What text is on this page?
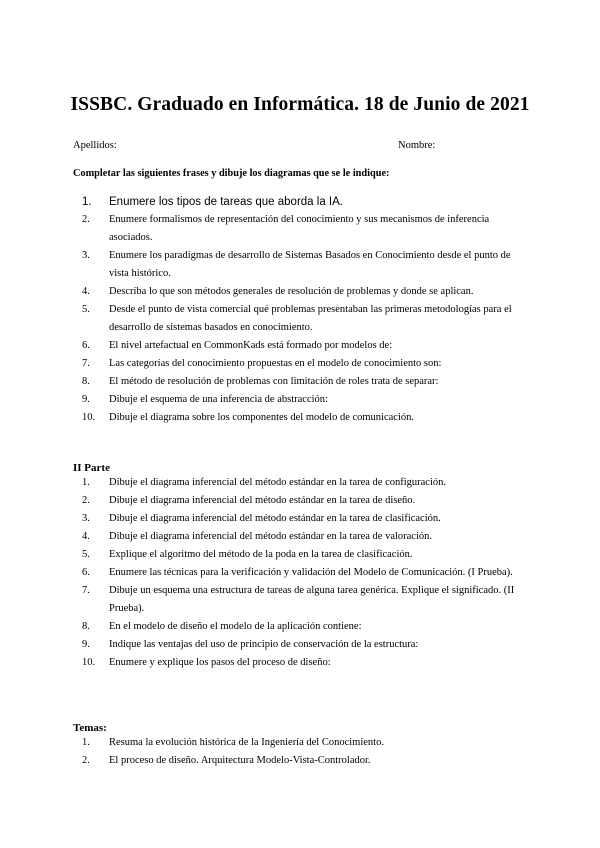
ISSBC. Graduado en Informática. 18 de Junio de 2021
Apellidos:	Nombre:
Completar las siguientes frases y dibuje los diagramas que se le indique:
1.	Enumere los tipos de tareas que aborda la IA.
2.	Enumere formalismos de representación del conocimiento y sus mecanismos de inferencia asociados.
3.	Enumere los paradigmas de desarrollo de Sistemas Basados en Conocimiento desde el punto de vista histórico.
4.	Describa lo que son métodos generales de resolución de problemas y donde se aplican.
5.	Desde el punto de vista comercial qué problemas presentaban las primeras metodologías para el desarrollo de sistemas basados en conocimiento.
6.	El nivel artefactual en CommonKads está formado por modelos de:
7.	Las categorías del conocimiento propuestas en el modelo de conocimiento son:
8.	El método de resolución de problemas con limitación de roles trata de separar:
9.	Dibuje el esquema de una inferencia de abstracción:
10.	Dibuje el diagrama sobre los componentes del modelo de comunicación.
II Parte
1.	Dibuje el diagrama inferencial del método estándar en la tarea de configuración.
2.	Dibuje el diagrama inferencial del método estándar en la tarea de diseño.
3.	Dibuje el diagrama inferencial del método estándar en la tarea de clasificación.
4.	Dibuje el diagrama inferencial del método estándar en la tarea de valoración.
5.	Explique el algoritmo del método de la poda en la tarea de clasificación.
6.	Enumere las técnicas para la verificación y validación del Modelo de Comunicación. (I Prueba).
7.	Dibuje un esquema una estructura de tareas de alguna tarea genérica. Explique el significado. (II Prueba).
8.	En el modelo de diseño el modelo de la aplicación contiene:
9.	Indique las ventajas del uso de principio de conservación de la estructura:
10.	Enumere y explique los pasos del proceso de diseño:
Temas:
1.	Resuma la evolución histórica de la Ingeniería del Conocimiento.
2.	El proceso de diseño. Arquitectura Modelo-Vista-Controlador.
